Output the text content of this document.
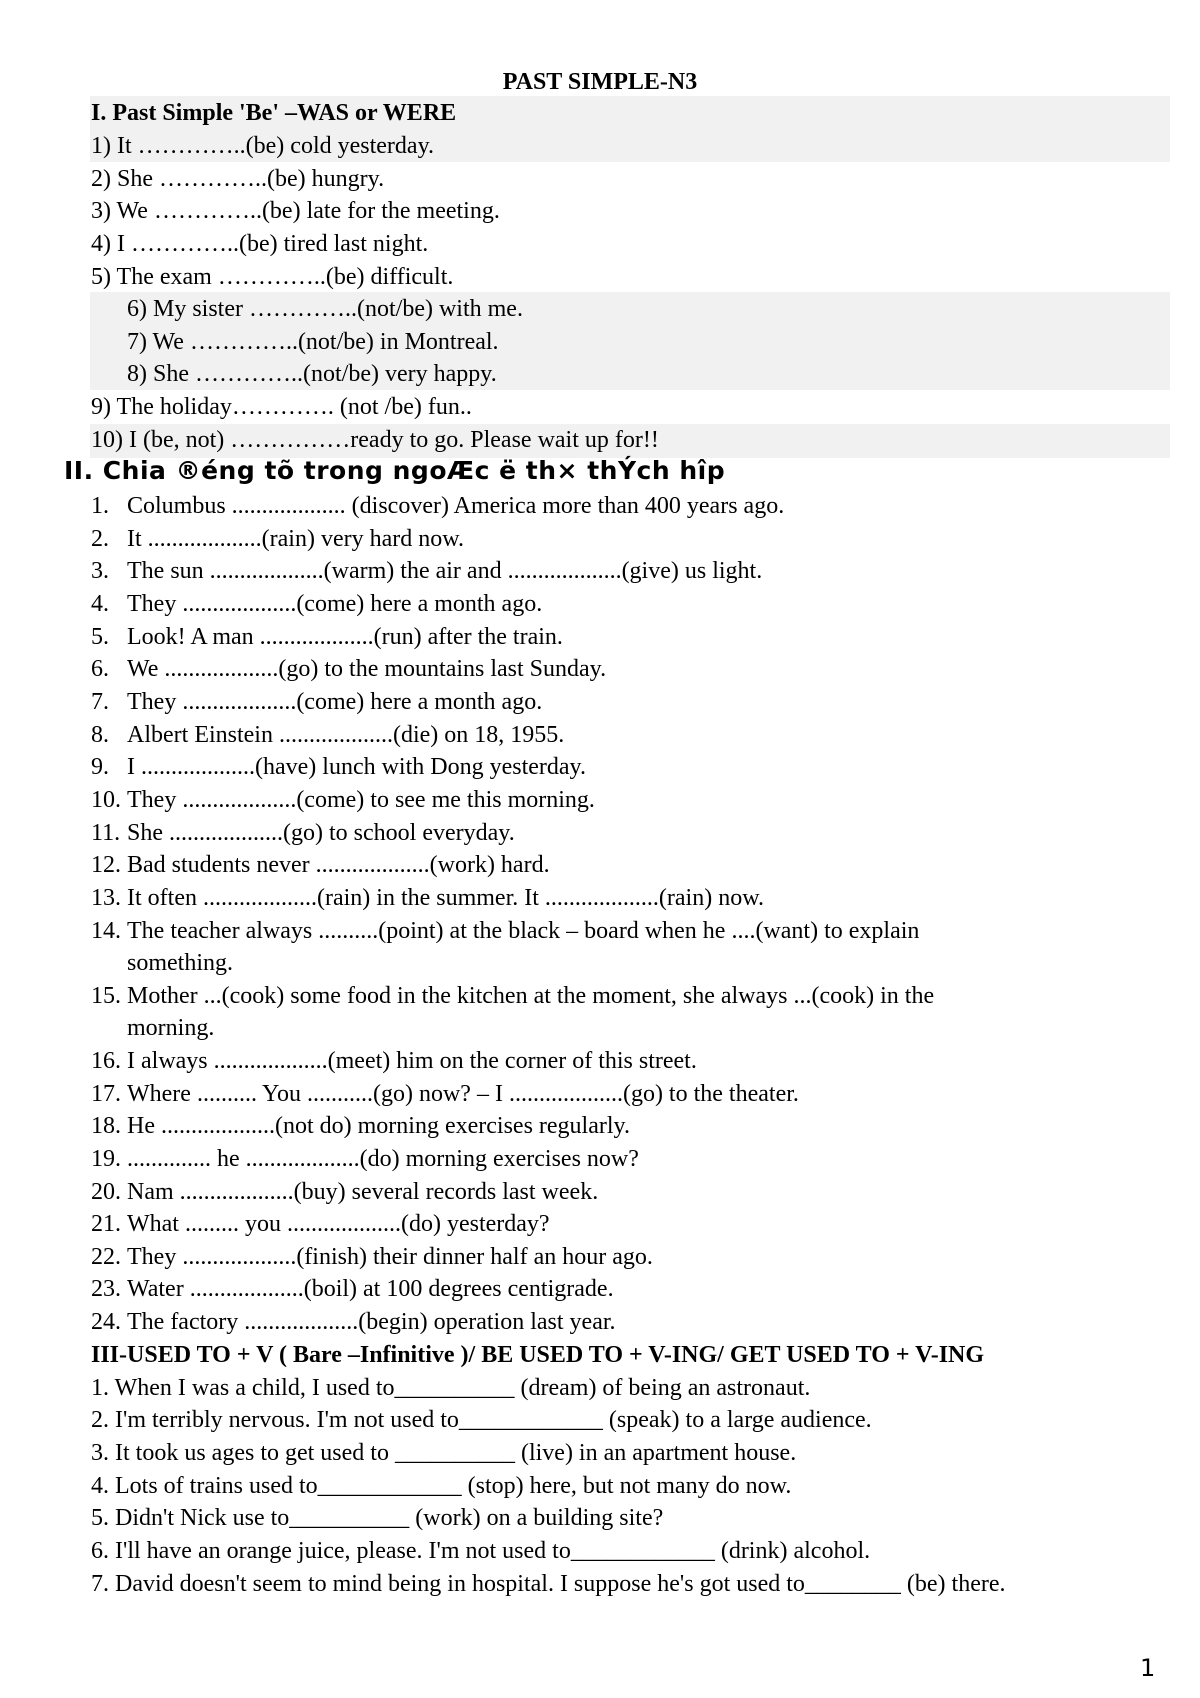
PAST SIMPLE-N3
I. Past Simple 'Be' –WAS or WERE
1) It …………..(be) cold yesterday.
2) She …………..(be) hungry.
3) We …………..(be) late for the meeting.
4) I …………..(be) tired last night.
5) The exam …………..(be) difficult.
6) My sister …………..(not/be) with me.
7) We …………..(not/be) in Montreal.
8) She …………..(not/be) very happy.
9) The holiday…………. (not /be) fun..
10) I (be, not) ……………ready to go. Please wait up for!!
II. Chia ®éng tõ trong ngoÆc ë th× thÝch hîp
1. Columbus ................... (discover) America more than 400 years ago.
2. It ...................(rain) very hard now.
3. The sun ...................(warm) the air and ...................(give) us light.
4. They ...................(come) here a month ago.
5. Look! A man ...................(run) after the train.
6. We ...................(go) to the mountains last Sunday.
7. They ...................(come) here a month ago.
8. Albert Einstein ...................(die) on 18, 1955.
9. I ...................(have) lunch with Dong yesterday.
10. They ...................(come) to see me this morning.
11. She ...................(go) to school everyday.
12. Bad students never ...................(work) hard.
13. It often ...................(rain) in the summer. It ...................(rain) now.
14. The teacher always ..........(point) at the black – board when he ....(want) to explain
something.
15. Mother ...(cook) some food in the kitchen at the moment, she always ...(cook) in the
morning.
16. I always ...................(meet) him on the corner of this street.
17. Where .......... You ...........(go) now? – I ...................(go) to the theater.
18. He ...................(not do) morning exercises regularly.
19. .............. he ...................(do) morning exercises now?
20. Nam ...................(buy) several records last week.
21. What ......... you ...................(do) yesterday?
22. They ...................(finish) their dinner half an hour ago.
23. Water ...................(boil) at 100 degrees centigrade.
24. The factory ...................(begin) operation last year.
III-USED TO + V ( Bare –Infinitive )/ BE USED TO + V-ING/ GET USED TO + V-ING
1. When I was a child, I used to__________ (dream) of being an astronaut.
2. I'm terribly nervous. I'm not used to____________ (speak) to a large audience.
3. It took us ages to get used to __________ (live) in an apartment house.
4. Lots of trains used to____________ (stop) here, but not many do now.
5. Didn't Nick use to__________ (work) on a building site?
6. I'll have an orange juice, please. I'm not used to____________ (drink) alcohol.
7. David doesn't seem to mind being in hospital. I suppose he's got used to________ (be) there.
1
